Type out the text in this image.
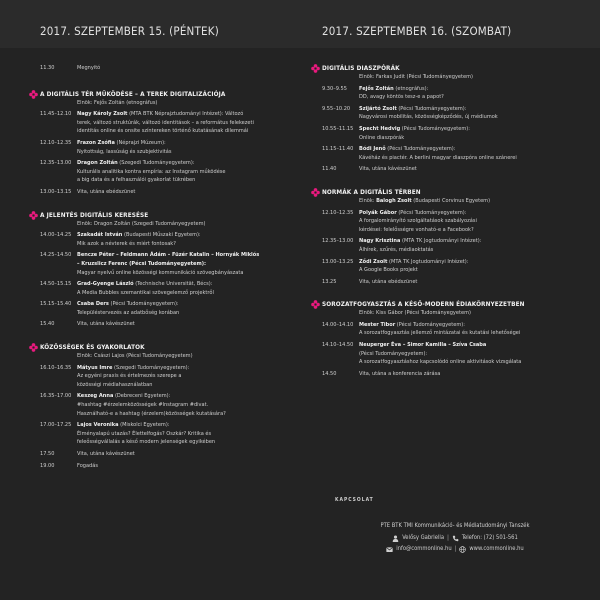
2017. SZEPTEMBER 15. (PÉNTEK)	2017. SZEPTEMBER 16. (SZOMBAT)
11.30	Megnyitó
A DIGITÁLIS TÉR MŰKÖDÉSE – A TEREK DIGITALIZÁCIÓJA
Elnök: Fejős Zoltán (etnográfus)
11.45–12.10	Nagy Károly Zsolt (MTA BTK Néprajztudományi Intézet): Változó
terek, változó struktúrák, változó identitások – a református felekezeti
identitás online és onsite színtereken történő kutatásának dilemmái
12.10–12.35	Frazon Zsófia (Néprajzi Múzeum):
Nyitottság, lassúság és szubjektivitás
12.35–13.00	Dragon Zoltán (Szegedi Tudományegyetem):
Kulturális analitika kontra empíria: az Instagram működése
a big data és a felhasználói gyakorlat tükrében
13.00–13.15	Vita, utána ebédszünet
A JELENTÉS DIGITÁLIS KERESÉSE
Elnök: Dragon Zoltán (Szegedi Tudományegyetem)
14.00–14.25	Szakadát István (Budapesti Műszaki Egyetem):
Mik azok a névterek és miért fontosak?
14.25–14.50	Bencze Péter – Feldmann Ádám – Füzér Katalin – Hornyák Miklós
– Kruzslicz Ferenc (Pécsi Tudományegyetem):
Magyar nyelvű online közösségi kommunikáció szövegbányászata
14.50–15.15	Grad-Gyenge László (Technische Universität, Bécs):
A Media Bubbles szemantikai szövegelemző projektről
15.15–15.40	Csaba Ders (Pécsi Tudományegyetem):
Településtervezés az adatbőség korában
15.40	Vita, utána kávészünet
KÖZÖSSÉGEK ÉS GYAKORLATOK
Elnök: Császi Lajos (Pécsi Tudományegyetem)
16.10–16.35	Mátyus Imre (Szegedi Tudományegyetem):
Az egyéni praxis és értelmezés szerepe a
közösségi médiahasználatban
16.35–17.00	Keszeg Anna (Debreceni Egyetem):
#hashtag #érzelemközösségek #Instagram #divat.
Használható-e a hashtag (érzelem)közösségek kutatására?
17.00–17.25	Lajos Veronika (Miskolci Egyetem):
Élményalapú utazás? Élettelfogás? Oszkár? Kritika és
feleősségvállalás a késő modern jelenségek egyikében
17.50	Vita, utána kávészünet
19.00	Fogadás
DIGITÁLIS DIASZPÓRÁK
Elnök: Farkas Judit (Pécsi Tudományegyetem)
9.30–9.55	Fejős Zoltán (etnográfus):
DD, avagy köntös tesz-e a papot?
9.55–10.20	Szijártó Zsolt (Pécsi Tudományegyetem):
Nagyvárosi mobilitás, közösségképződés, új médiumok
10.55–11.15	Specht Hedvig (Pécsi Tudományegyetem):
Online diaszpórák
11.15–11.40	Bódi Jenő (Pécsi Tudományegyetem):
Kávéház és piactér. A berlini magyar diaszpóra online szánerei
11.40	Vita, utána kávészünet
NORMÁK A DIGITÁLIS TÉRBEN
Elnök: Balogh Zsolt (Budapesti Corvinus Egyetem)
12.10–12.35	Polyák Gábor (Pécsi Tudományegyetem):
A forgalomirányító szolgáltatások szabályozási
kérdései: felelősségre vonható-e a Facebook?
12.35–13.00	Nagy Krisztina (MTA TK Jogtudományi Intézet):
Álhírek, szűrés, médiaoktatás
13.00–13.25	Ződi Zsolt (MTA TK Jogtudományi Intézet):
A Google Books projekt
13.25	Vita, utána ebédszünet
SOROZATFOGYASZTÁS A KÉSŐ-MODERN ÉDIAKÖRNYEZETBEN
Elnök: Kiss Gábor (Pécsi Tudományegyetem)
14.00–14.10	Mester Tibor (Pécsi Tudományegyetem):
A sorozatfogyasztás jellemző mintázatai és kutatási lehetőségei
14.10–14.50	Neuperger Éva – Simor Kamilla – Szíva Csaba
(Pécsi Tudományegyetem):
A sorozatfogyasztáshoz kapcsolódó online aktivitások vizsgálata
14.50	Vita, utána a konferencia zárása
KAPCSOLAT
PTE BTK TMI Kommunikáció- és Médiatudományi Tanszék
Velősy Gabriella | Telefon: (72) 501-561
info@commonline.hu | www.commonline.hu
